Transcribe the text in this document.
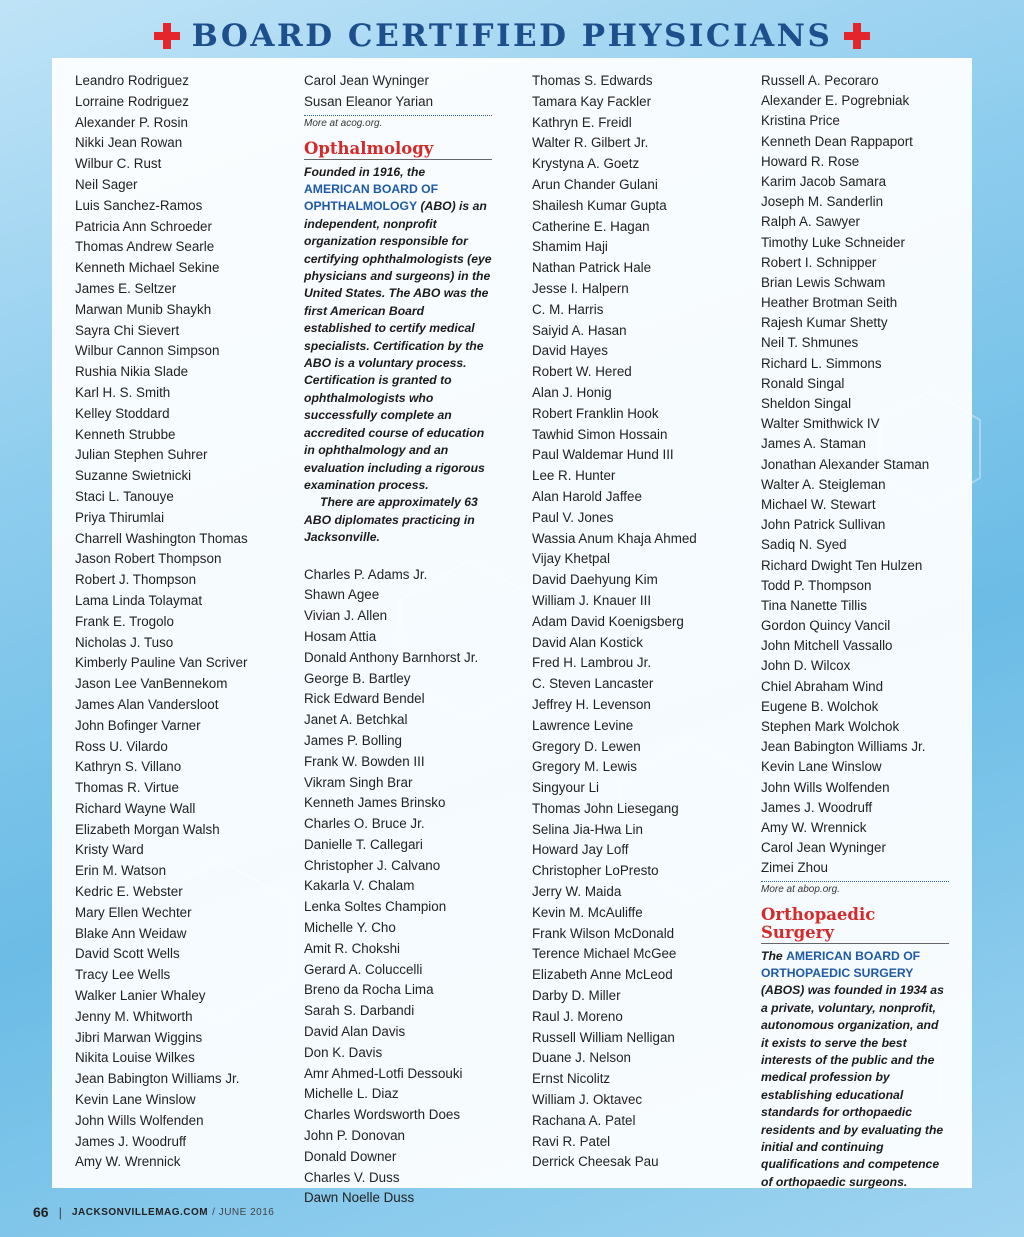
BOARD CERTIFIED PHYSICIANS
Leandro Rodriguez
Lorraine Rodriguez
Alexander P. Rosin
Nikki Jean Rowan
Wilbur C. Rust
Neil Sager
Luis Sanchez-Ramos
Patricia Ann Schroeder
Thomas Andrew Searle
Kenneth Michael Sekine
James E. Seltzer
Marwan Munib Shaykh
Sayra Chi Sievert
Wilbur Cannon Simpson
Rushia Nikia Slade
Karl H. S. Smith
Kelley Stoddard
Kenneth Strubbe
Julian Stephen Suhrer
Suzanne Swietnicki
Staci L. Tanouye
Priya Thirumlai
Charrell Washington Thomas
Jason Robert Thompson
Robert J. Thompson
Lama Linda Tolaymat
Frank E. Trogolo
Nicholas J. Tuso
Kimberly Pauline Van Scriver
Jason Lee VanBennekom
James Alan Vandersloot
John Bofinger Varner
Ross U. Vilardo
Kathryn S. Villano
Thomas R. Virtue
Richard Wayne Wall
Elizabeth Morgan Walsh
Kristy Ward
Erin M. Watson
Kedric E. Webster
Mary Ellen Wechter
Blake Ann Weidaw
David Scott Wells
Tracy Lee Wells
Walker Lanier Whaley
Jenny M. Whitworth
Jibri Marwan Wiggins
Nikita Louise Wilkes
Jean Babington Williams Jr.
Kevin Lane Winslow
John Wills Wolfenden
James J. Woodruff
Amy W. Wrennick
Carol Jean Wyninger
Susan Eleanor Yarian
More at acog.org.
Opthalmology

Founded in 1916, the AMERICAN BOARD OF OPHTHALMOLOGY (ABO) is an independent, nonprofit organization responsible for certifying ophthalmologists (eye physicians and surgeons) in the United States. The ABO was the first American Board established to certify medical specialists. Certification by the ABO is a voluntary process. Certification is granted to ophthalmologists who successfully complete an accredited course of education in ophthalmology and an evaluation including a rigorous examination process.

There are approximately 63 ABO diplomates practicing in Jacksonville.

Charles P. Adams Jr.
Shawn Agee
Vivian J. Allen
Hosam Attia
Donald Anthony Barnhorst Jr.
George B. Bartley
Rick Edward Bendel
Janet A. Betchkal
James P. Bolling
Frank W. Bowden III
Vikram Singh Brar
Kenneth James Brinsko
Charles O. Bruce Jr.
Danielle T. Callegari
Christopher J. Calvano
Kakarla V. Chalam
Lenka Soltes Champion
Michelle Y. Cho
Amit R. Chokshi
Gerard A. Coluccelli
Breno da Rocha Lima
Sarah S. Darbandi
David Alan Davis
Don K. Davis
Amr Ahmed-Lotfi Dessouki
Michelle L. Diaz
Charles Wordsworth Does
John P. Donovan
Donald Downer
Charles V. Duss
Dawn Noelle Duss
Thomas S. Edwards
Tamara Kay Fackler
Kathryn E. Freidl
Walter R. Gilbert Jr.
Krystyna A. Goetz
Arun Chander Gulani
Shailesh Kumar Gupta
Catherine E. Hagan
Shamim Haji
Nathan Patrick Hale
Jesse I. Halpern
C. M. Harris
Saiyid A. Hasan
David Hayes
Robert W. Hered
Alan J. Honig
Robert Franklin Hook
Tawhid Simon Hossain
Paul Waldemar Hund III
Lee R. Hunter
Alan Harold Jaffee
Paul V. Jones
Wassia Anum Khaja Ahmed
Vijay Khetpal
David Daehyung Kim
William J. Knauer III
Adam David Koenigsberg
David Alan Kostick
Fred H. Lambrou Jr.
C. Steven Lancaster
Jeffrey H. Levenson
Lawrence Levine
Gregory D. Lewen
Gregory M. Lewis
Singyour Li
Thomas John Liesegang
Selina Jia-Hwa Lin
Howard Jay Loff
Christopher LoPresto
Jerry W. Maida
Kevin M. McAuliffe
Frank Wilson McDonald
Terence Michael McGee
Elizabeth Anne McLeod
Darby D. Miller
Raul J. Moreno
Russell William Nelligan
Duane J. Nelson
Ernst Nicolitz
William J. Oktavec
Rachana A. Patel
Ravi R. Patel
Derrick Cheesak Pau
Russell A. Pecoraro
Alexander E. Pogrebniak
Kristina Price
Kenneth Dean Rappaport
Howard R. Rose
Karim Jacob Samara
Joseph M. Sanderlin
Ralph A. Sawyer
Timothy Luke Schneider
Robert I. Schnipper
Brian Lewis Schwam
Heather Brotman Seith
Rajesh Kumar Shetty
Neil T. Shmunes
Richard L. Simmons
Ronald Singal
Sheldon Singal
Walter Smithwick IV
James A. Staman
Jonathan Alexander Staman
Walter A. Steigleman
Michael W. Stewart
John Patrick Sullivan
Sadiq N. Syed
Richard Dwight Ten Hulzen
Todd P. Thompson
Tina Nanette Tillis
Gordon Quincy Vancil
John Mitchell Vassallo
John D. Wilcox
Chiel Abraham Wind
Eugene B. Wolchok
Stephen Mark Wolchok
Jean Babington Williams Jr.
Kevin Lane Winslow
John Wills Wolfenden
James J. Woodruff
Amy W. Wrennick
Carol Jean Wyninger
Zimei Zhou
More at abop.org.
Orthopaedic Surgery

The AMERICAN BOARD OF ORTHOPAEDIC SURGERY (ABOS) was founded in 1934 as a private, voluntary, nonprofit, autonomous organization, and it exists to serve the best interests of the public and the medical profession by establishing educational standards for orthopaedic residents and by evaluating the initial and continuing qualifications and competence of orthopaedic surgeons.

66 | JACKSONVILLEMAG.COM / JUNE 2016
